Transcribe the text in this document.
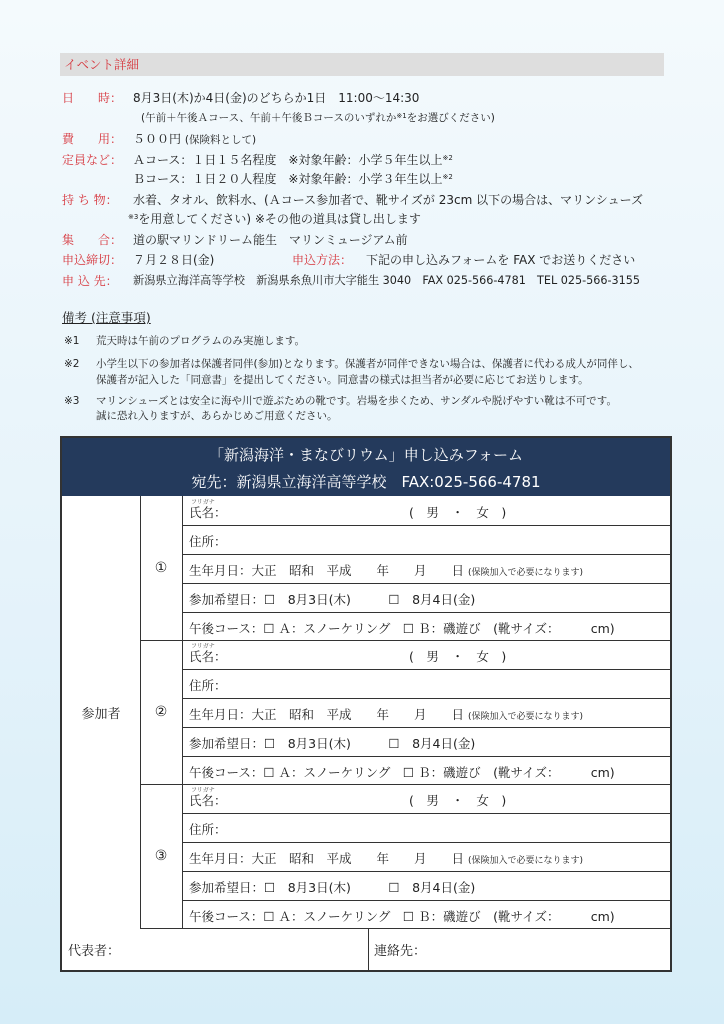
イベント詳細
日　　時： 8月3日(木)か4日(金)のどちらか1日　11:00～14:30
(午前＋午後Ａコース、午前＋午後Ｂコースのいずれか$^{※1}$をお選びください)
費　　用： ５００円 (保険料として)
定員など： Ａコース：１日１５名程度　※対象年齢：小学５年生以上$^{※2}$
Ｂコース：１日２０人程度　※対象年齢：小学３年生以上$^{※2}$
持 ち 物： 水着、タオル、飲料水、(Ａコース参加者で、靴サイズが 23cm 以下の場合は、マリンシューズ
$^{※3}$を用意してください) ※その他の道具は貸し出します
集　　合： 道の駅マリンドリーム能生　マリンミュージアム前
申込締切： ７月２８日(金)	申込方法： 下記の申し込みフォームを FAX でお送りください
申 込 先： 新潟県立海洋高等学校　新潟県糸魚川市大字能生 3040　FAX 025-566-4781　TEL 025-566-3155
備考 (注意事項)
※1 荒天時は午前のプログラムのみ実施します。
※2 小学生以下の参加者は保護者同伴(参加)となります。保護者が同伴できない場合は、保護者に代わる成人が同伴し、
保護者が記入した「同意書」を提出してください。同意書の様式は担当者が必要に応じてお送りします。
※3 マリンシューズとは安全に海や川で遊ぶための靴です。岩場を歩くため、サンダルや脱げやすい靴は不可です。
誠に恐れ入りますが、あらかじめご用意ください。
「新潟海洋・まなびリウム」申し込みフォーム
宛先：新潟県立海洋高等学校　FAX:025-566-4781
参加者
①
フリガナ
氏名：	(　男　・　女　)
住所：
生年月日：大正　昭和　平成　　年　　月　　日 (保険加入で必要になります)
参加希望日：☐　8月3日(木)　　　☐　8月4日(金)
午後コース：☐ Ａ：スノーケリング　☐ Ｂ：磯遊び　(靴サイズ：　　　cm)
②
フリガナ
氏名：	(　男　・　女　)
住所：
生年月日：大正　昭和　平成　　年　　月　　日 (保険加入で必要になります)
参加希望日：☐　8月3日(木)　　　☐　8月4日(金)
午後コース：☐ Ａ：スノーケリング　☐ Ｂ：磯遊び　(靴サイズ：　　　cm)
③
フリガナ
氏名：	(　男　・　女　)
住所：
生年月日：大正　昭和　平成　　年　　月　　日 (保険加入で必要になります)
参加希望日：☐　8月3日(木)　　　☐　8月4日(金)
午後コース：☐ Ａ：スノーケリング　☐ Ｂ：磯遊び　(靴サイズ：　　　cm)
代表者：	連絡先：
